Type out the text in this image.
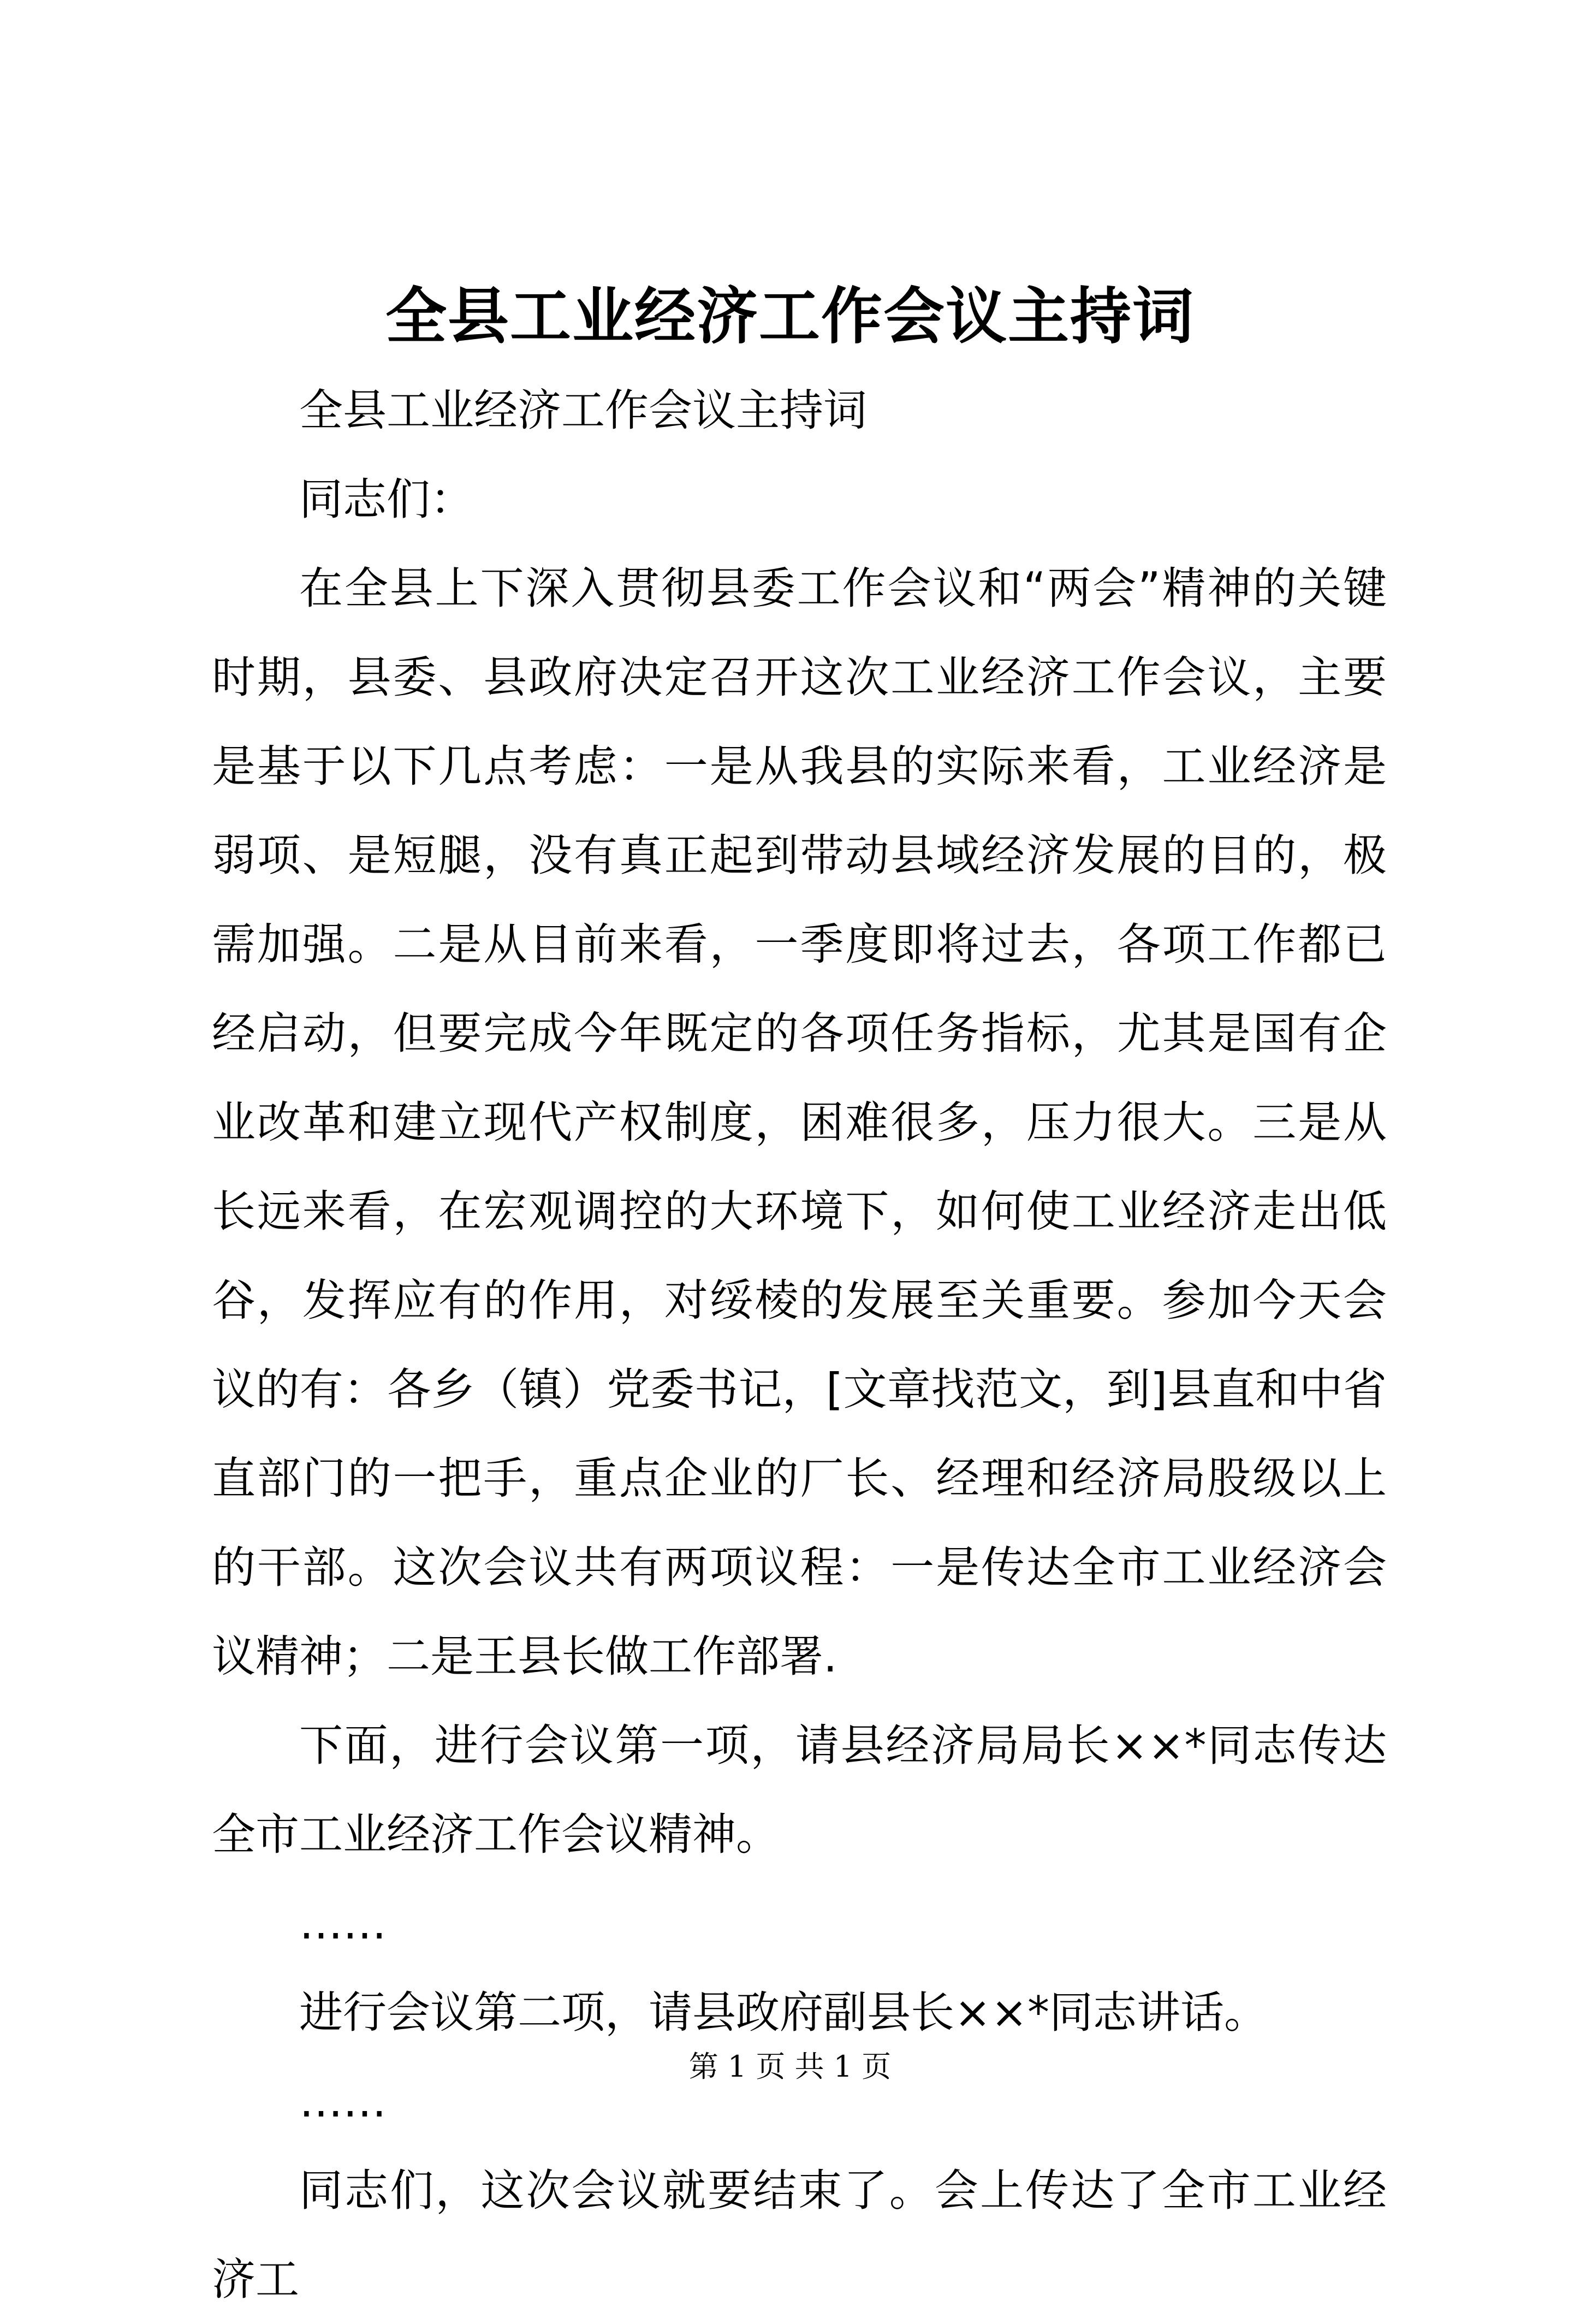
全县工业经济工作会议主持词

全县工业经济工作会议主持词

同志们：

在全县上下深入贯彻县委工作会议和“两会”精神的关键时期，县委、县政府决定召开这次工业经济工作会议，主要是基于以下几点考虑：一是从我县的实际来看，工业经济是弱项、是短腿，没有真正起到带动县域经济发展的目的，极需加强。二是从目前来看，一季度即将过去，各项工作都已经启动，但要完成今年既定的各项任务指标，尤其是国有企业改革和建立现代产权制度，困难很多，压力很大。三是从长远来看，在宏观调控的大环境下，如何使工业经济走出低谷，发挥应有的作用，对绥棱的发展至关重要。参加今天会议的有：各乡（镇）党委书记，[文章找范文，到]县直和中省直部门的一把手，重点企业的厂长、经理和经济局股级以上的干部。这次会议共有两项议程：一是传达全市工业经济会议精神；二是王县长做工作部署.

下面，进行会议第一项，请县经济局局长××*同志传达全市工业经济工作会议精神。

……

进行会议第二项，请县政府副县长××*同志讲话。

……

同志们，这次会议就要结束了。会上传达了全市工业经济工

第 1 页 共 1 页
